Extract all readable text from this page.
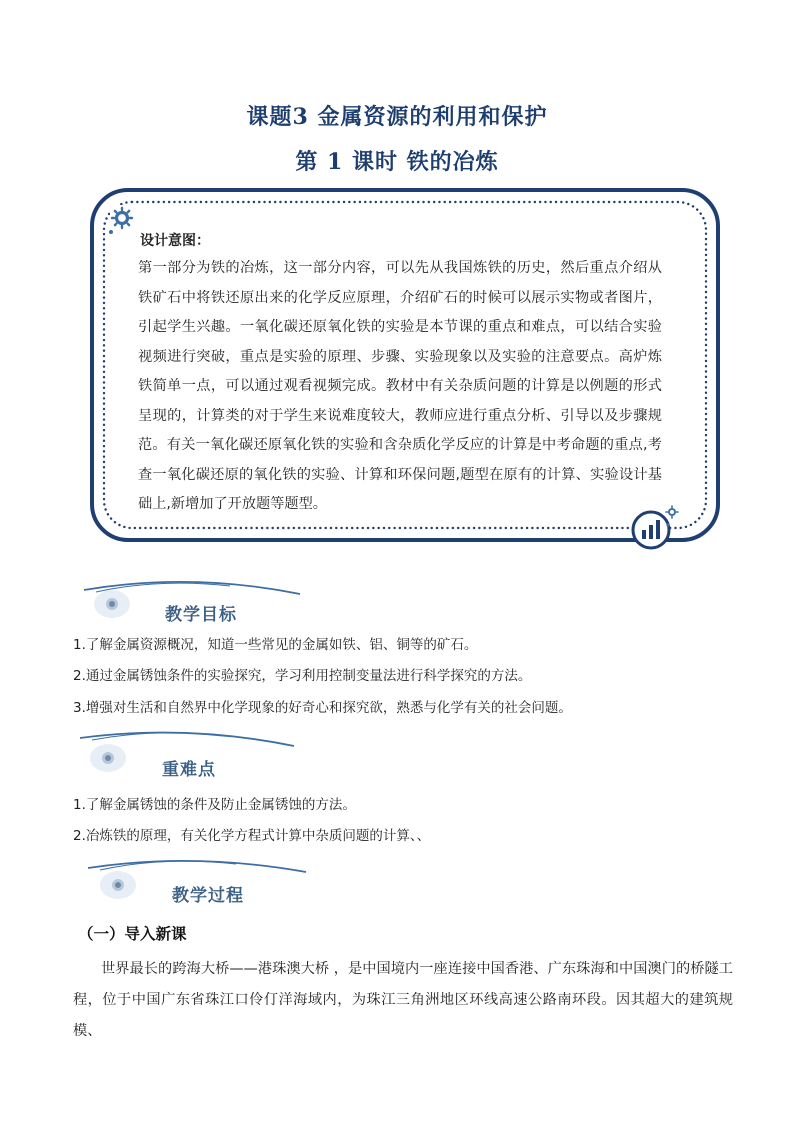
课题3 金属资源的利用和保护
第 1 课时 铁的冶炼
设计意图：
第一部分为铁的冶炼，这一部分内容，可以先从我国炼铁的历史，然后重点介绍从铁矿石中将铁还原出来的化学反应原理，介绍矿石的时候可以展示实物或者图片，引起学生兴趣。一氧化碳还原氧化铁的实验是本节课的重点和难点，可以结合实验视频进行突破，重点是实验的原理、步骤、实验现象以及实验的注意要点。高炉炼铁简单一点，可以通过观看视频完成。教材中有关杂质问题的计算是以例题的形式呈现的，计算类的对于学生来说难度较大，教师应进行重点分析、引导以及步骤规范。有关一氧化碳还原氧化铁的实验和含杂质化学反应的计算是中考命题的重点,考查一氧化碳还原的氧化铁的实验、计算和环保问题,题型在原有的计算、实验设计基础上,新增加了开放题等题型。
教学目标
1.了解金属资源概况，知道一些常见的金属如铁、铝、铜等的矿石。
2.通过金属锈蚀条件的实验探究，学习利用控制变量法进行科学探究的方法。
3.增强对生活和自然界中化学现象的好奇心和探究欲，熟悉与化学有关的社会问题。
重难点
1.了解金属锈蚀的条件及防止金属锈蚀的方法。
2.冶炼铁的原理，有关化学方程式计算中杂质问题的计算、、
教学过程
（一）导入新课
世界最长的跨海大桥——港珠澳大桥 ，是中国境内一座连接中国香港、广东珠海和中国澳门的桥隧工程，位于中国广东省珠江口伶仃洋海域内，为珠江三角洲地区环线高速公路南环段。因其超大的建筑规模、
